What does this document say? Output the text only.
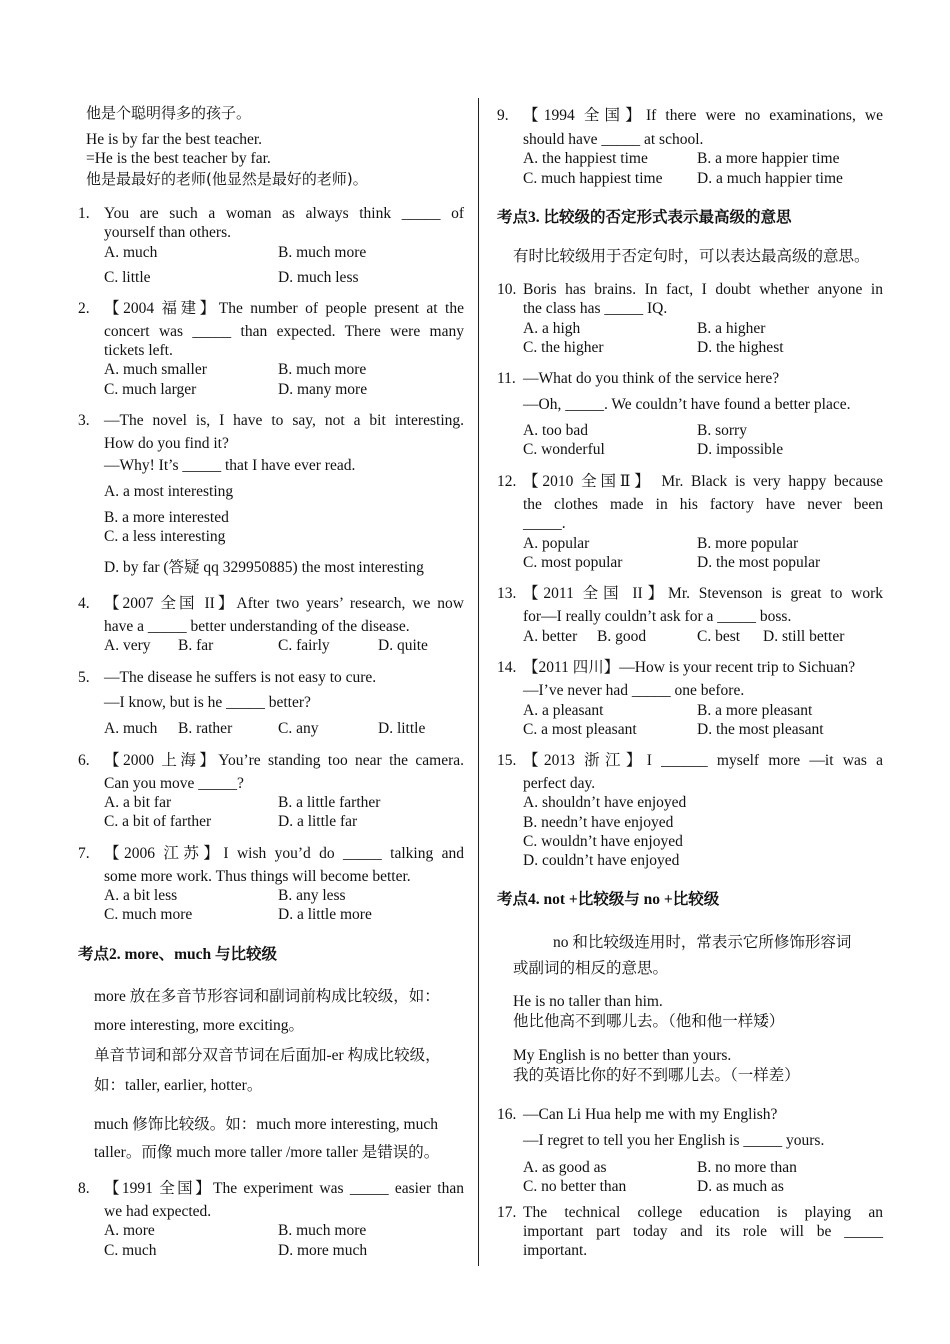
他是个聪明得多的孩子。
He is by far the best teacher.
=He is the best teacher by far.
他是最最好的老师(他显然是最好的老师)。
1. You are such a woman as always think _____ of
yourself than others.
A. much	B. much more
C. little	D. much less
2. 【2004 福建】The number of people present at the
concert was _____ than expected. There were many
tickets left.
A. much smaller	B. much more
C. much larger	D. many more
3. —The novel is, I have to say, not a bit interesting.
How do you find it?
—Why! It’s _____ that I have ever read.
A. a most interesting
B. a more interested
C. a less interesting
D. by far (答疑 qq 329950885) the most interesting
4. 【2007 全国 II】After two years’ research, we now
have a _____ better understanding of the disease.
A. very B. far	C. fairly	D. quite
5. —The disease he suffers is not easy to cure.
—I know, but is he _____ better?
A. much B. rather	C. any	D. little
6. 【2000 上海】You’re standing too near the camera.
Can you move _____?
A. a bit far	B. a little farther
C. a bit of farther	D. a little far
7. 【2006 江苏】I wish you’d do _____ talking and
some more work. Thus things will become better.
A. a bit less	B. any less
C. much more	D. a little more
考点2. more、much 与比较级
more 放在多音节形容词和副词前构成比较级，如：
more interesting, more exciting。
单音节词和部分双音节词在后面加-er 构成比较级，
如：taller, earlier, hotter。
much 修饰比较级。如：much more interesting, much
taller。而像 much more taller /more taller 是错误的。
8. 【1991 全国】The experiment was _____ easier than
we had expected.
A. more	B. much more
C. much	D. more much
9. 【1994 全国】If there were no examinations, we
should have _____ at school.
A. the happiest time	B. a more happier time
C. much happiest time D. a much happier time
考点3. 比较级的否定形式表示最高级的意思
有时比较级用于否定句时，可以表达最高级的意思。
10. Boris has brains. In fact, I doubt whether anyone in
the class has _____ IQ.
A. a high	B. a higher
C. the higher	D. the highest
11. —What do you think of the service here?
—Oh, _____. We couldn’t have found a better place.
A. too bad	B. sorry
C. wonderful	D. impossible
12. 【2010 全国Ⅱ】 Mr. Black is very happy because
the clothes made in his factory have never been
_____.
A. popular	B. more popular
C. most popular	D. the most popular
13. 【2011 全国 II】Mr. Stevenson is great to work
for—I really couldn’t ask for a _____ boss.
A. better B. good	C. best D. still better
14. 【2011 四川】—How is your recent trip to Sichuan?
—I’ve never had _____ one before.
A. a pleasant	B. a more pleasant
C. a most pleasant	D. the most pleasant
15. 【2013 浙江】I ______ myself more —it was a
perfect day.
A. shouldn’t have enjoyed
B. needn’t have enjoyed
C. wouldn’t have enjoyed
D. couldn’t have enjoyed
考点4. not +比较级与 no +比较级
no 和比较级连用时，常表示它所修饰形容词
或副词的相反的意思。
He is no taller than him.
他比他高不到哪儿去。（他和他一样矮）
My English is no better than yours.
我的英语比你的好不到哪儿去。（一样差）
16. —Can Li Hua help me with my English?
—I regret to tell you her English is _____ yours.
A. as good as	B. no more than
C. no better than	D. as much as
17. The technical college education is playing an
important part today and its role will be _____
important.
